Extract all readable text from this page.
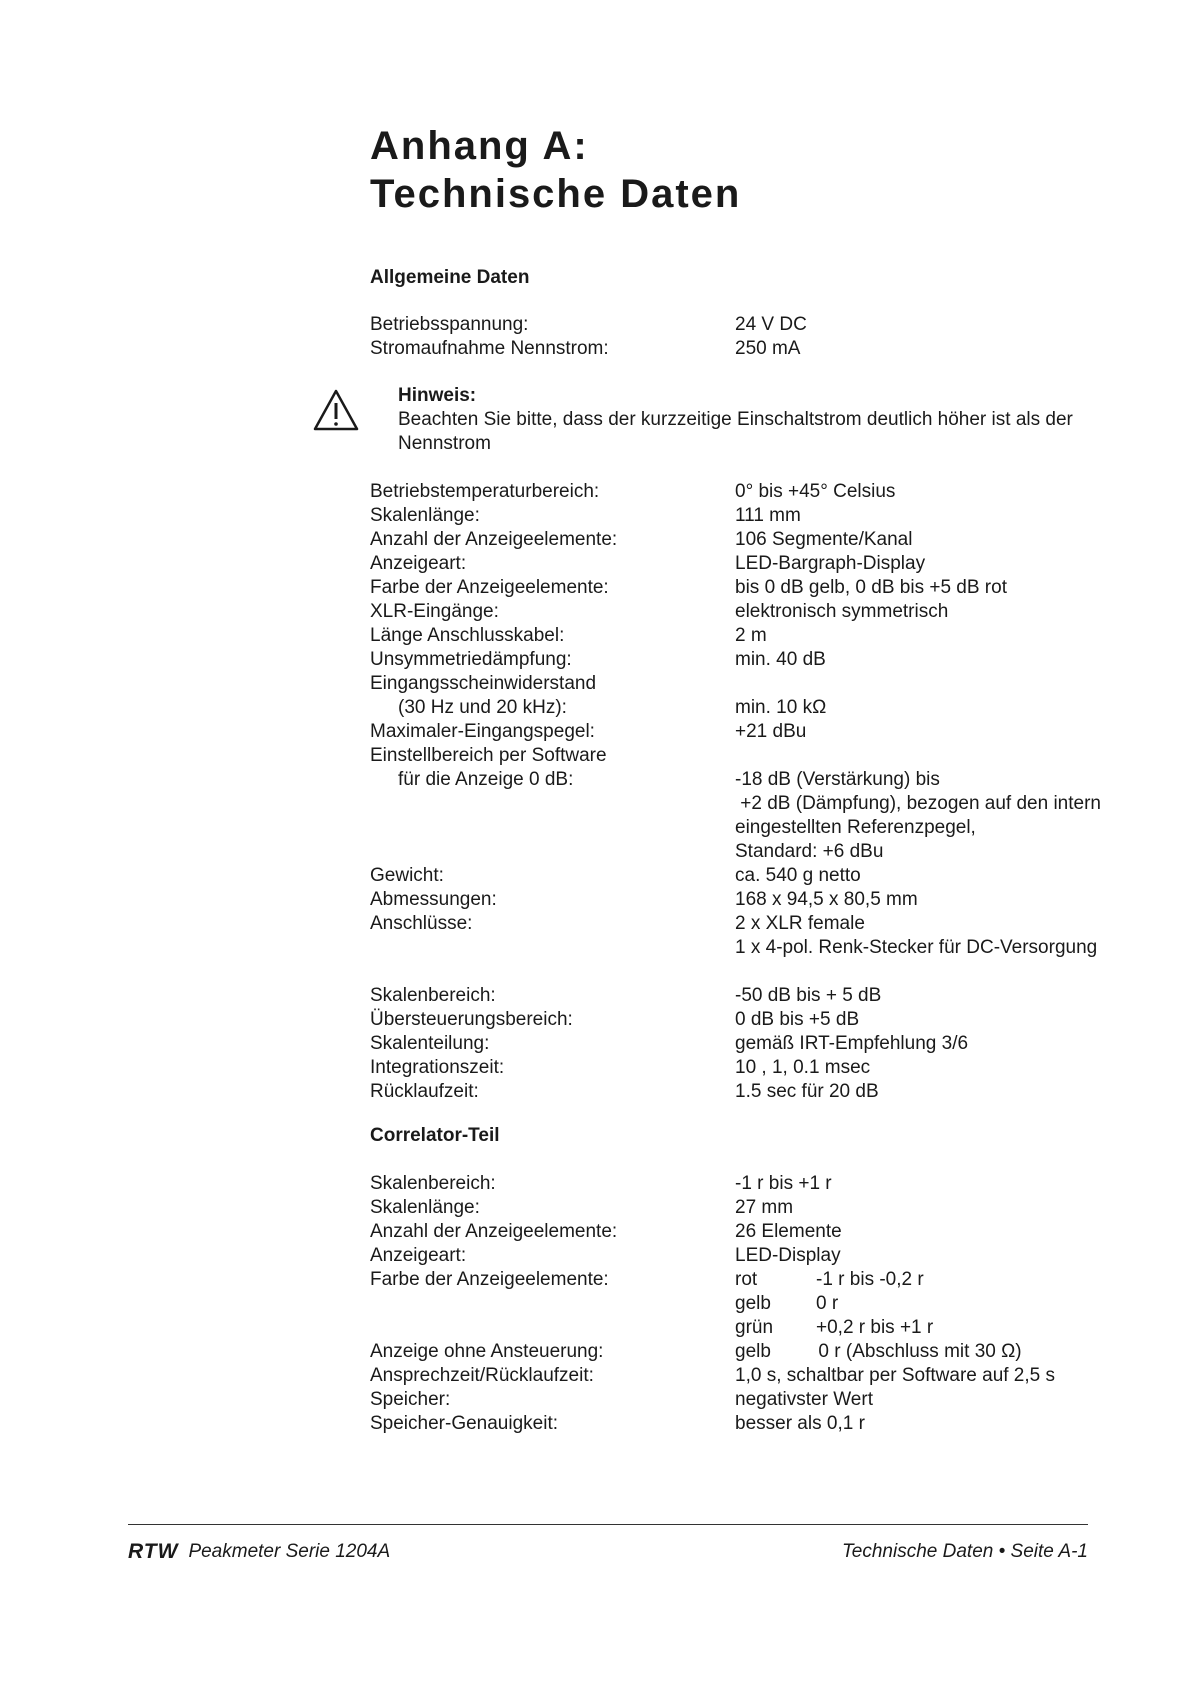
Anhang A:
Technische Daten
Allgemeine Daten
Betriebsspannung:	24 V DC
Stromaufnahme Nennstrom:	250 mA
Hinweis:
Beachten Sie bitte, dass der kurzzeitige Einschaltstrom deutlich höher ist als der Nennstrom
Betriebstemperaturbereich:	0° bis +45° Celsius
Skalenlänge:	111 mm
Anzahl der Anzeigeelemente:	106 Segmente/Kanal
Anzeigeart:	LED-Bargraph-Display
Farbe der Anzeigeelemente:	bis 0 dB gelb, 0 dB bis +5 dB rot
XLR-Eingänge:	elektronisch symmetrisch
Länge Anschlusskabel:	2 m
Unsymmetriedämpfung:	min. 40 dB
Eingangsscheinwiderstand
(30 Hz und 20 kHz):	min. 10 kΩ
Maximaler-Eingangspegel:	+21 dBu
Einstellbereich per Software
für die Anzeige 0 dB:	-18 dB (Verstärkung) bis
+2 dB (Dämpfung), bezogen auf den intern
eingestellten Referenzpegel,
Standard: +6 dBu
Gewicht:	ca. 540 g netto
Abmessungen:	168 x 94,5 x 80,5 mm
Anschlüsse:	2 x XLR female
1 x 4-pol. Renk-Stecker für DC-Versorgung
Skalenbereich:	-50 dB bis + 5 dB
Übersteuerungsbereich:	0 dB bis +5 dB
Skalenteilung:	gemäß IRT-Empfehlung 3/6
Integrationszeit:	10 , 1, 0.1 msec
Rücklaufzeit:	1.5 sec für 20 dB
Correlator-Teil
Skalenbereich:	-1 r bis +1 r
Skalenlänge:	27 mm
Anzahl der Anzeigeelemente:	26 Elemente
Anzeigeart:	LED-Display
Farbe der Anzeigeelemente:	rot	-1 r bis -0,2 r
gelb 0 r
grün +0,2 r bis +1 r
Anzeige ohne Ansteuerung:	gelb         0 r (Abschluss mit 30 Ω)
Ansprechzeit/Rücklaufzeit:	1,0 s, schaltbar per Software auf 2,5 s
Speicher:	negativster Wert
Speicher-Genauigkeit:	besser als 0,1 r
RTW Peakmeter Serie 1204A	Technische Daten • Seite A-1
